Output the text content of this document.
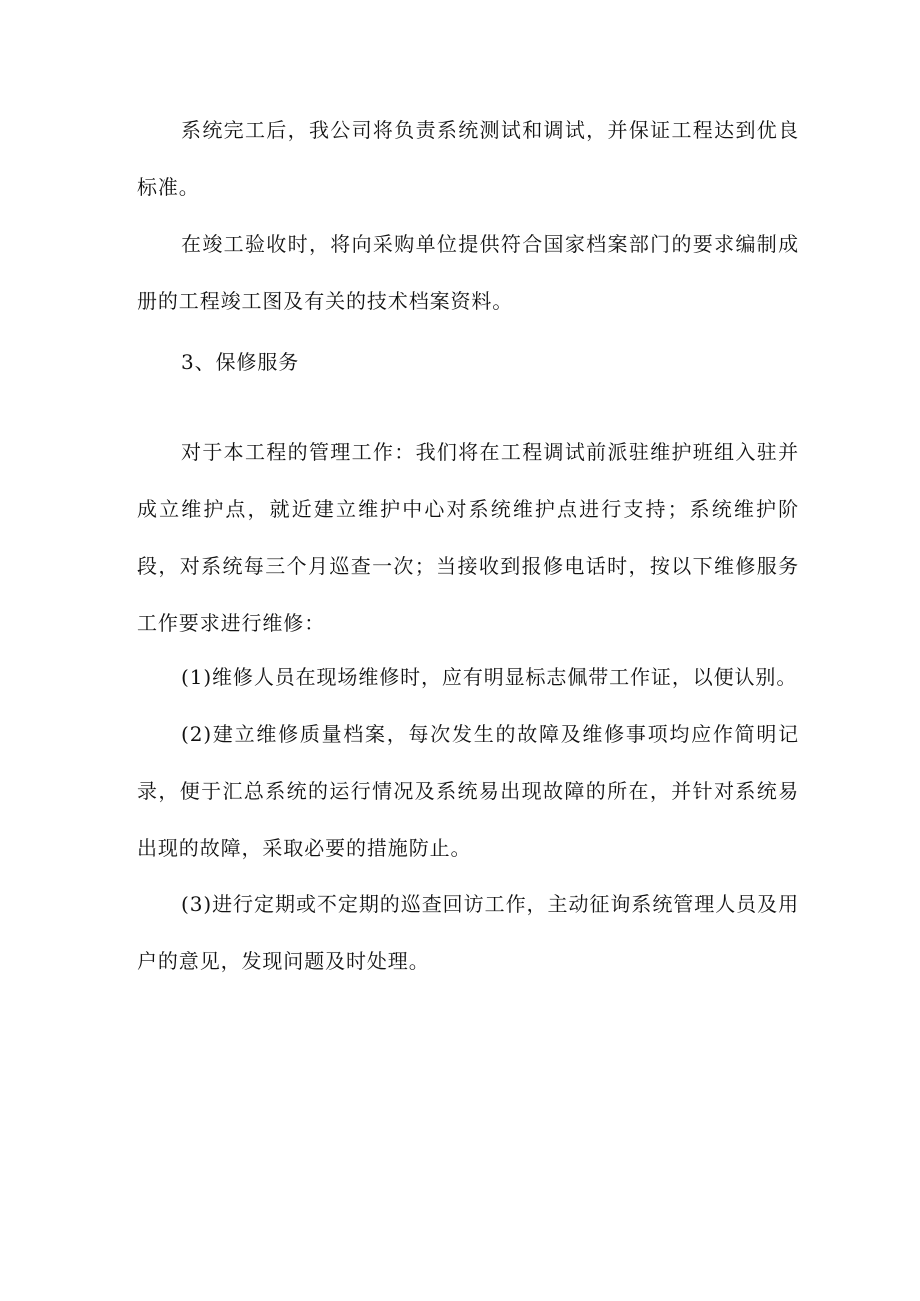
系统完工后，我公司将负责系统测试和调试，并保证工程达到优良标准。

在竣工验收时，将向采购单位提供符合国家档案部门的要求编制成册的工程竣工图及有关的技术档案资料。

3、保修服务

对于本工程的管理工作：我们将在工程调试前派驻维护班组入驻并成立维护点，就近建立维护中心对系统维护点进行支持；系统维护阶段，对系统每三个月巡查一次；当接收到报修电话时，按以下维修服务工作要求进行维修：

(1)维修人员在现场维修时，应有明显标志佩带工作证，以便认别。

(2)建立维修质量档案，每次发生的故障及维修事项均应作简明记录，便于汇总系统的运行情况及系统易出现故障的所在，并针对系统易出现的故障，采取必要的措施防止。

(3)进行定期或不定期的巡查回访工作，主动征询系统管理人员及用户的意见，发现问题及时处理。
